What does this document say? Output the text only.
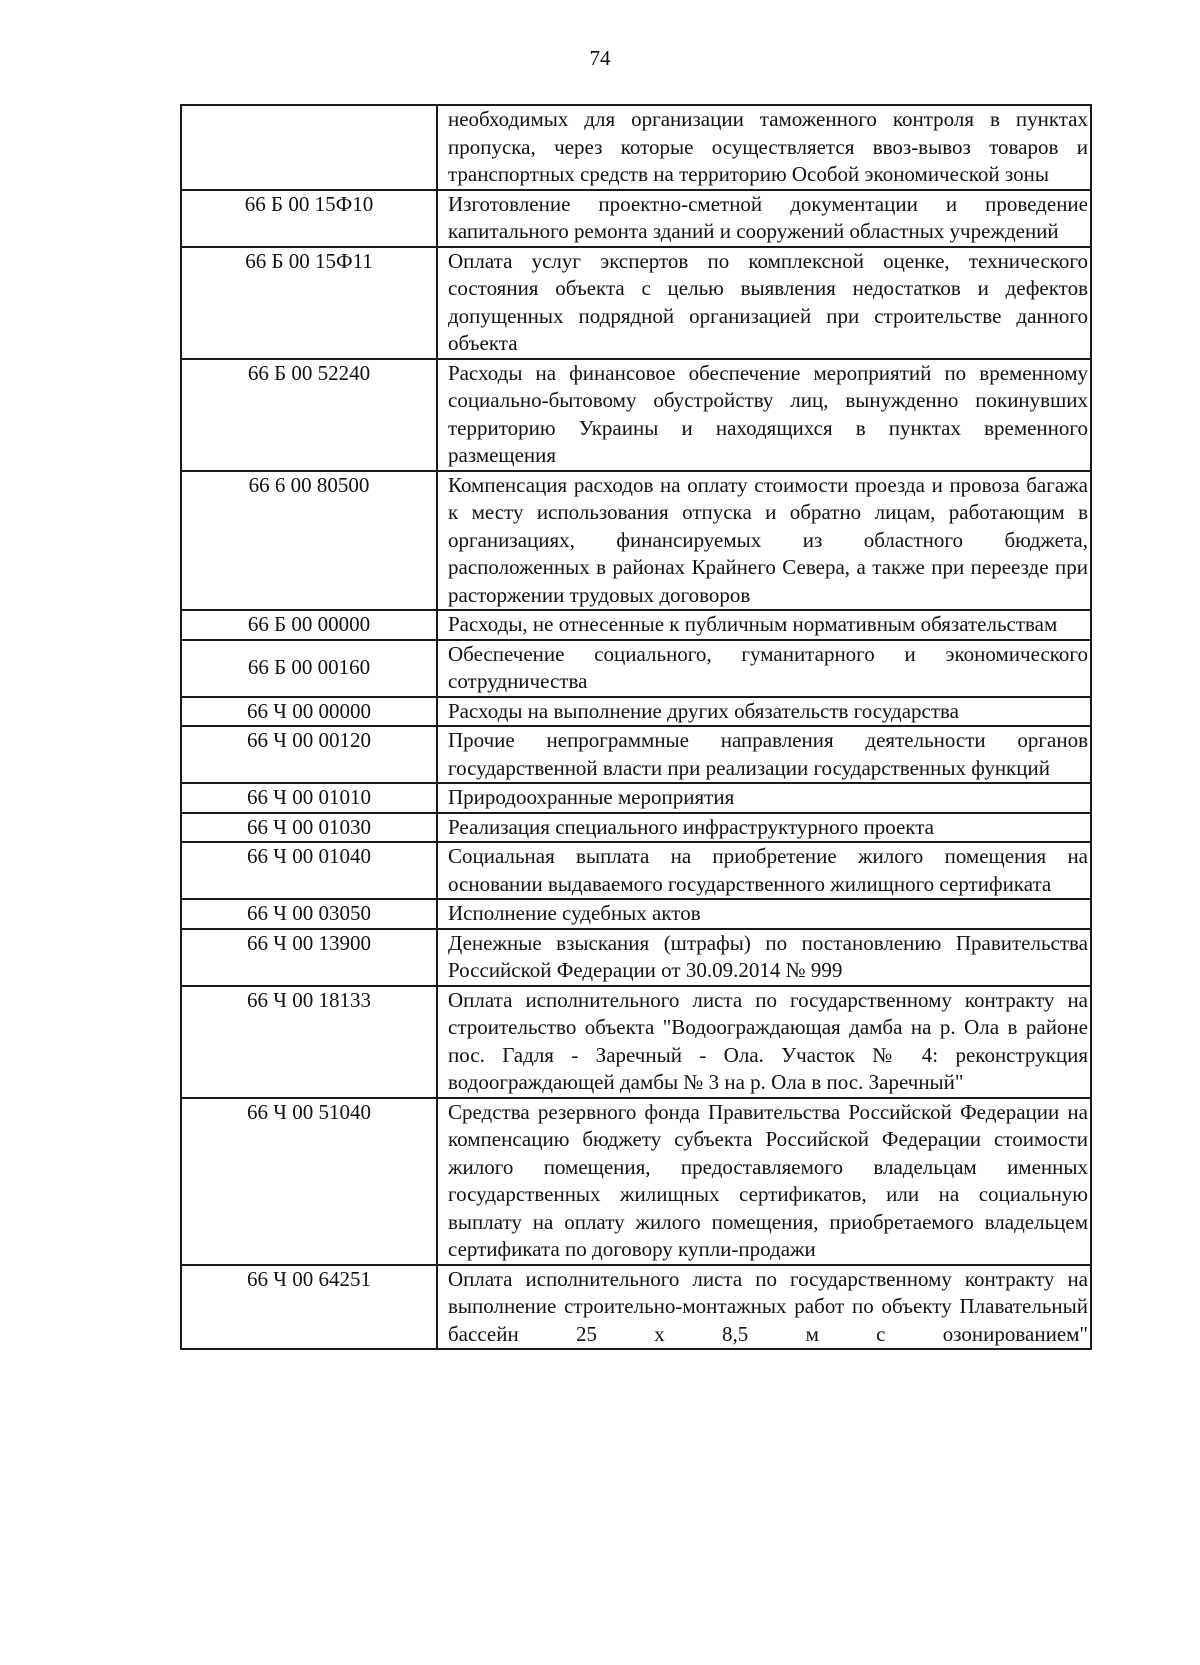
74
	необходимых для организации таможенного контроля в пунктах пропуска, через которые осуществляется ввоз-вывоз товаров и транспортных средств на территорию Особой экономической зоны
66 Б 00 15Ф10	Изготовление проектно-сметной документации и проведение капитального ремонта зданий и сооружений областных учреждений
66 Б 00 15Ф11	Оплата услуг экспертов по комплексной оценке, технического состояния объекта с целью выявления недостатков и дефектов допущенных подрядной организацией при строительстве данного объекта
66 Б 00 52240	Расходы на финансовое обеспечение мероприятий по временному социально-бытовому обустройству лиц, вынужденно покинувших территорию Украины и находящихся в пунктах временного размещения
66 6 00 80500	Компенсация расходов на оплату стоимости проезда и провоза багажа к месту использования отпуска и обратно лицам, работающим в организациях, финансируемых из областного бюджета, расположенных в районах Крайнего Севера, а также при переезде при расторжении трудовых договоров
66 Б 00 00000	Расходы, не отнесенные к публичным нормативным обязательствам
66 Б 00 00160	Обеспечение социального, гуманитарного и экономического сотрудничества
66 Ч 00 00000	Расходы на выполнение других обязательств государства
66 Ч 00 00120	Прочие непрограммные направления деятельности органов государственной власти при реализации государственных функций
66 Ч 00 01010	Природоохранные мероприятия
66 Ч 00 01030	Реализация специального инфраструктурного проекта
66 Ч 00 01040	Социальная выплата на приобретение жилого помещения на основании выдаваемого государственного жилищного сертификата
66 Ч 00 03050	Исполнение судебных актов
66 Ч 00 13900	Денежные взыскания (штрафы) по постановлению Правительства Российской Федерации от 30.09.2014 № 999
66 Ч 00 18133	Оплата исполнительного листа по государственному контракту на строительство объекта "Водоограждающая дамба на р. Ола в районе пос. Гадля - Заречный - Ола. Участок № 4: реконструкция водоограждающей дамбы № 3 на р. Ола в пос. Заречный"
66 Ч 00 51040	Средства резервного фонда Правительства Российской Федерации на компенсацию бюджету субъекта Российской Федерации стоимости жилого помещения, предоставляемого владельцам именных государственных жилищных сертификатов, или на социальную выплату на оплату жилого помещения, приобретаемого владельцем сертификата по договору купли-продажи
66 Ч 00 64251	Оплата исполнительного листа по государственному контракту на выполнение строительно-монтажных работ по объекту Плавательный бассейн 25 х 8,5 м с озонированием"
